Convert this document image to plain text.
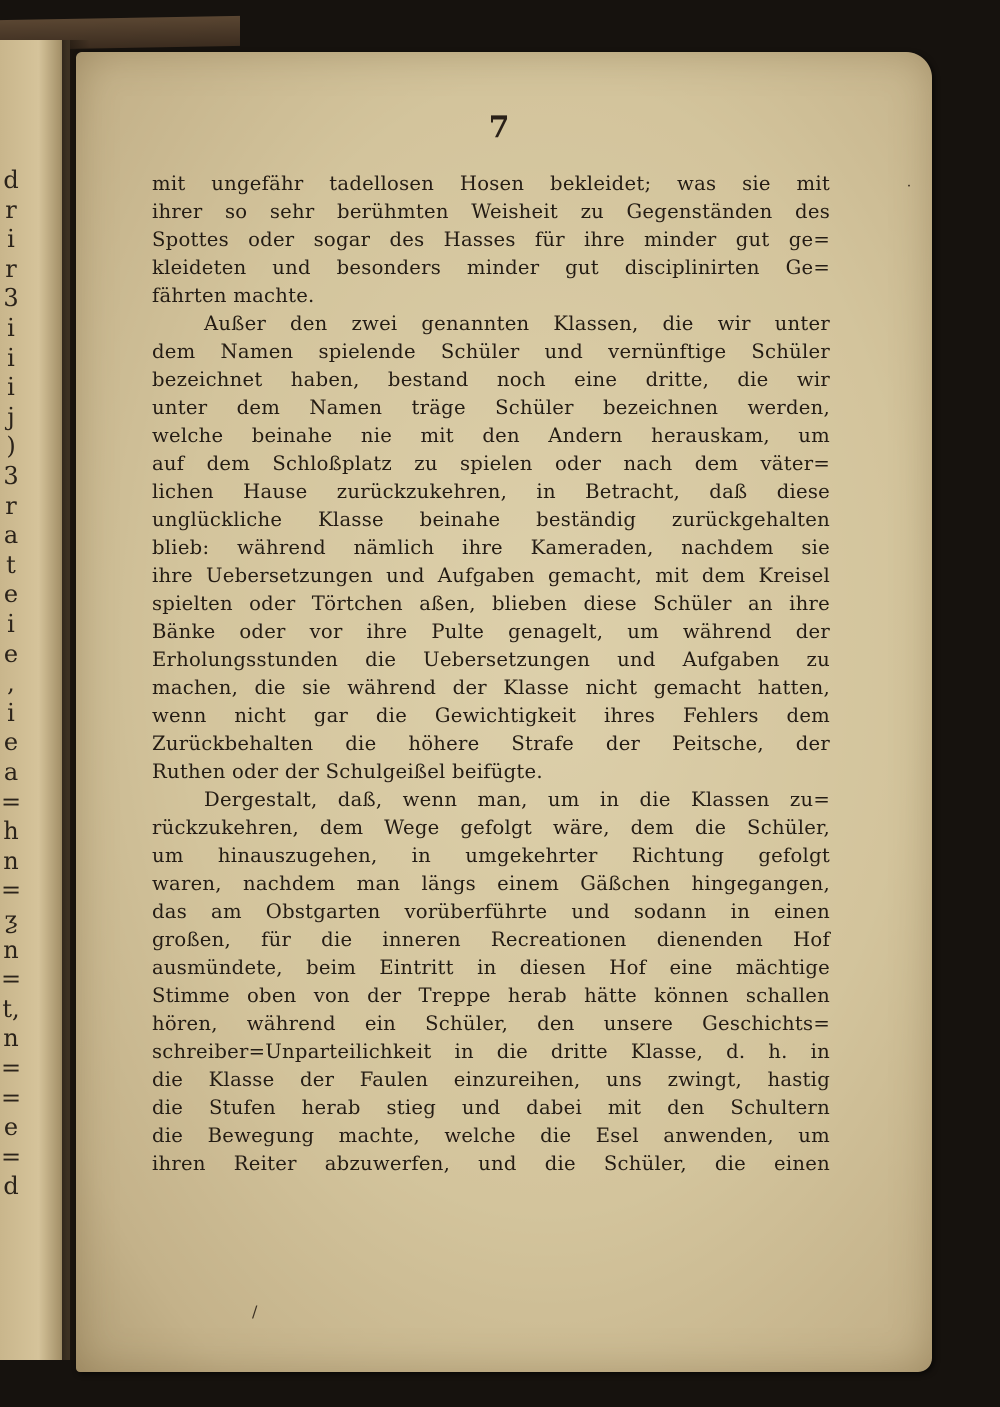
d
r
i
r
3
i
i
i
j
)
3
r
a
t
e
i
e
,
i
e
a
=
h
n
=
ƺ
n
=
t,
n
=
=
e
=
d

7

mit ungefähr tadellosen Hosen bekleidet; was sie mit
ihrer so sehr berühmten Weisheit zu Gegenständen des
Spottes oder sogar des Hasses für ihre minder gut ge=
kleideten und besonders minder gut disciplinirten Ge=
fährten machte.
Außer den zwei genannten Klassen, die wir unter
dem Namen spielende Schüler und vernünftige Schüler
bezeichnet haben, bestand noch eine dritte, die wir
unter dem Namen träge Schüler bezeichnen werden,
welche beinahe nie mit den Andern herauskam, um
auf dem Schloßplatz zu spielen oder nach dem väter=
lichen Hause zurückzukehren, in Betracht, daß diese
unglückliche Klasse beinahe beständig zurückgehalten
blieb: während nämlich ihre Kameraden, nachdem sie
ihre Uebersetzungen und Aufgaben gemacht, mit dem Kreisel
spielten oder Törtchen aßen, blieben diese Schüler an ihre
Bänke oder vor ihre Pulte genagelt, um während der
Erholungsstunden die Uebersetzungen und Aufgaben zu
machen, die sie während der Klasse nicht gemacht hatten,
wenn nicht gar die Gewichtigkeit ihres Fehlers dem
Zurückbehalten die höhere Strafe der Peitsche, der
Ruthen oder der Schulgeißel beifügte.
Dergestalt, daß, wenn man, um in die Klassen zu=
rückzukehren, dem Wege gefolgt wäre, dem die Schüler,
um hinauszugehen, in umgekehrter Richtung gefolgt
waren, nachdem man längs einem Gäßchen hingegangen,
das am Obstgarten vorüberführte und sodann in einen
großen, für die inneren Recreationen dienenden Hof
ausmündete, beim Eintritt in diesen Hof eine mächtige
Stimme oben von der Treppe herab hätte können schallen
hören, während ein Schüler, den unsere Geschichts=
schreiber=Unparteilichkeit in die dritte Klasse, d. h. in
die Klasse der Faulen einzureihen, uns zwingt, hastig
die Stufen herab stieg und dabei mit den Schultern
die Bewegung machte, welche die Esel anwenden, um
ihren Reiter abzuwerfen, und die Schüler, die einen
˙
/
